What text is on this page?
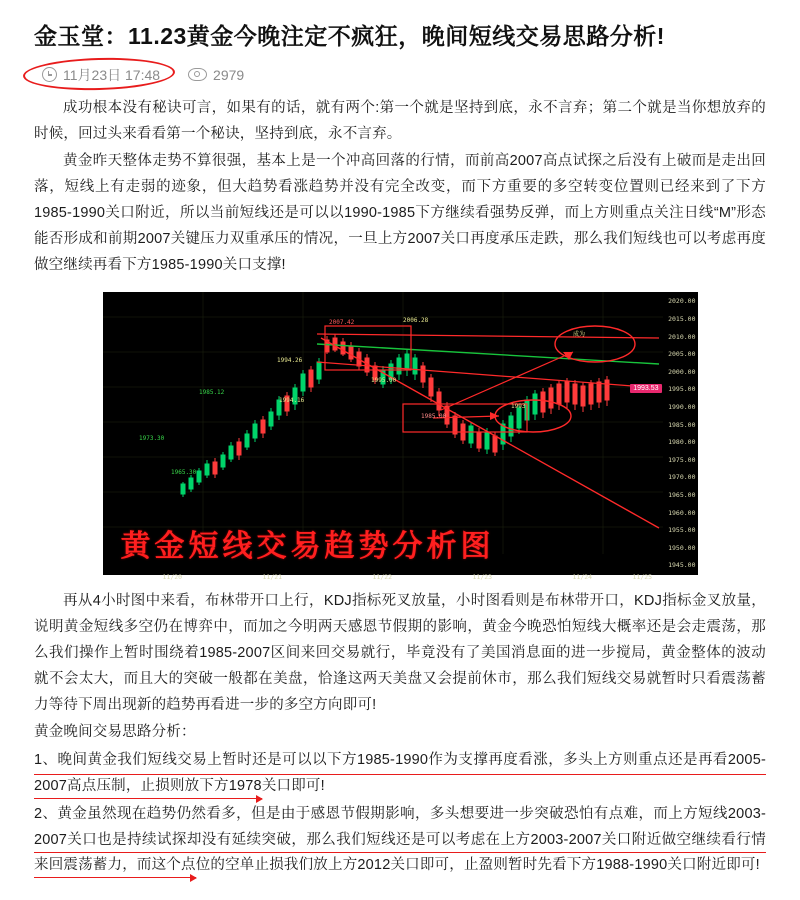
金玉堂：11.23黄金今晚注定不疯狂，晚间短线交易思路分析!
11月23日 17:48	2979

成功根本没有秘诀可言，如果有的话，就有两个:第一个就是坚持到底，永不言弃；第二个就是当你想放弃的时候，回过头来看看第一个秘诀，坚持到底，永不言弃。

黄金昨天整体走势不算很强，基本上是一个冲高回落的行情，而前高2007高点试探之后没有上破而是走出回落，短线上有走弱的迹象，但大趋势看涨趋势并没有完全改变，而下方重要的多空转变位置则已经来到了下方1985-1990关口附近，所以当前短线还是可以以1990-1985下方继续看强势反弹，而上方则重点关注日线“M”形态能否形成和前期2007关键压力双重承压的情况，一旦上方2007关口再度承压走跌，那么我们短线也可以考虑再度做空继续再看下方1985-1990关口支撑!

2007.42	2006.28
1994.26
1994.16
1995.00
1985.00
1985.12
1973.30
1965.30
成为
1993
1993.53
2020.00
2015.00
2010.00
2005.00
2000.00
1995.00
1990.00
1985.00
1980.00
1975.00
1970.00
1965.00
1960.00
1955.00
1950.00
1945.00
11/20	11/21	11/22	11/23	11/24	11/25
黄金短线交易趋势分析图

再从4小时图中来看，布林带开口上行，KDJ指标死叉放量，小时图看则是布林带开口，KDJ指标金叉放量，说明黄金短线多空仍在博弈中，而加之今明两天感恩节假期的影响，黄金今晚恐怕短线大概率还是会走震荡，那么我们操作上暂时围绕着1985-2007区间来回交易就行，毕竟没有了美国消息面的进一步搅局，黄金整体的波动就不会太大，而且大的突破一般都在美盘，恰逢这两天美盘又会提前休市，那么我们短线交易就暂时只看震荡蓄力等待下周出现新的趋势再看进一步的多空方向即可!

黄金晚间交易思路分析：

1、晚间黄金我们短线交易上暂时还是可以以下方1985-1990作为支撑再度看涨，多头上方则重点还是再看2005-2007高点压制，止损则放下方1978关口即可!

2、黄金虽然现在趋势仍然看多，但是由于感恩节假期影响，多头想要进一步突破恐怕有点难，而上方短线2003-2007关口也是持续试探却没有延续突破，那么我们短线还是可以考虑在上方2003-2007关口附近做空继续看行情来回震荡蓄力，而这个点位的空单止损我们放上方2012关口即可，止盈则暂时先看下方1988-1990关口附近即可!
